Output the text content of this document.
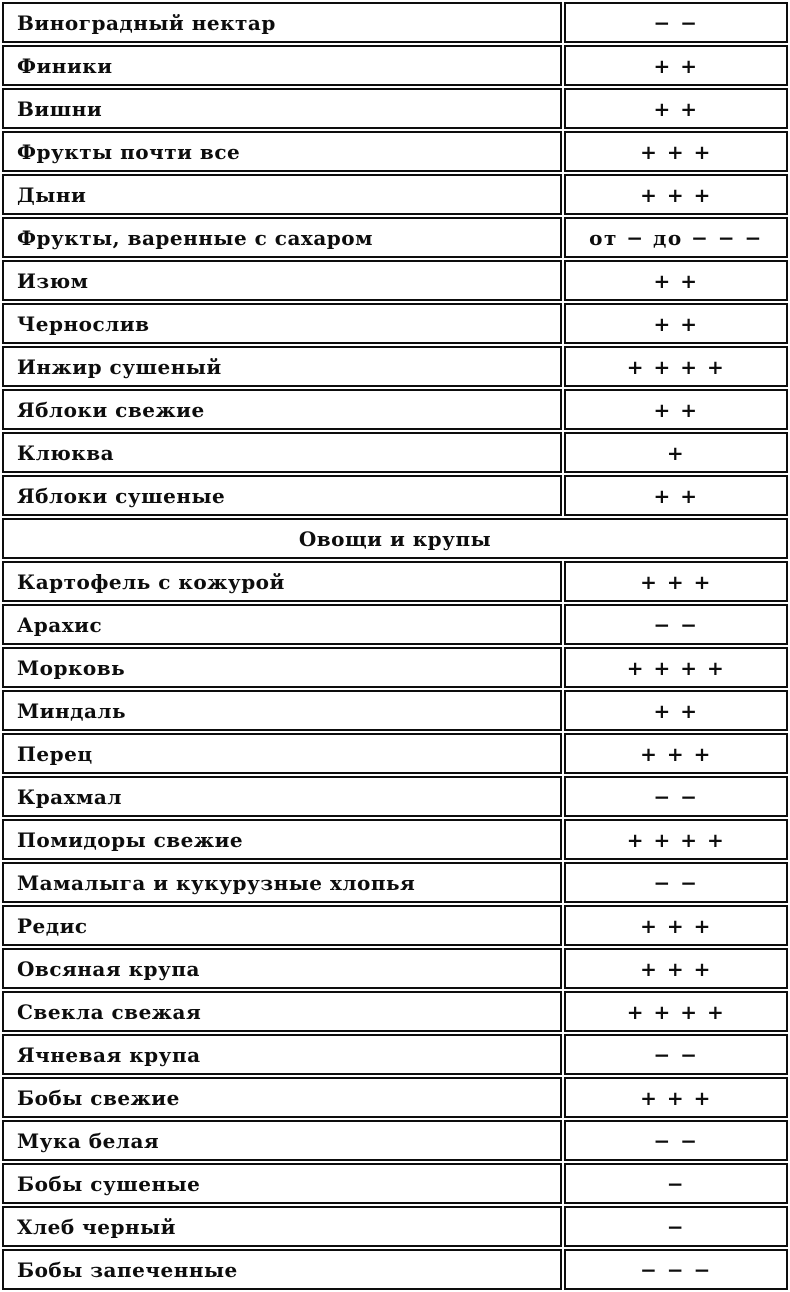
Виноградный нектар	− −
Финики	+ +
Вишни	+ +
Фрукты почти все	+ + +
Дыни	+ + +
Фрукты, варенные с сахаром	от − до − − −
Изюм	+ +
Чернослив	+ +
Инжир сушеный	+ + + +
Яблоки свежие	+ +
Клюква	+
Яблоки сушеные	+ +
Овощи и крупы	
Картофель с кожурой	+ + +
Арахис	− −
Морковь	+ + + +
Миндаль	+ +
Перец	+ + +
Крахмал	− −
Помидоры свежие	+ + + +
Мамалыга и кукурузные хлопья	− −
Редис	+ + +
Овсяная крупа	+ + +
Свекла свежая	+ + + +
Ячневая крупа	− −
Бобы свежие	+ + +
Мука белая	− −
Бобы сушеные	−
Хлеб черный	−
Бобы запеченные	− − −
